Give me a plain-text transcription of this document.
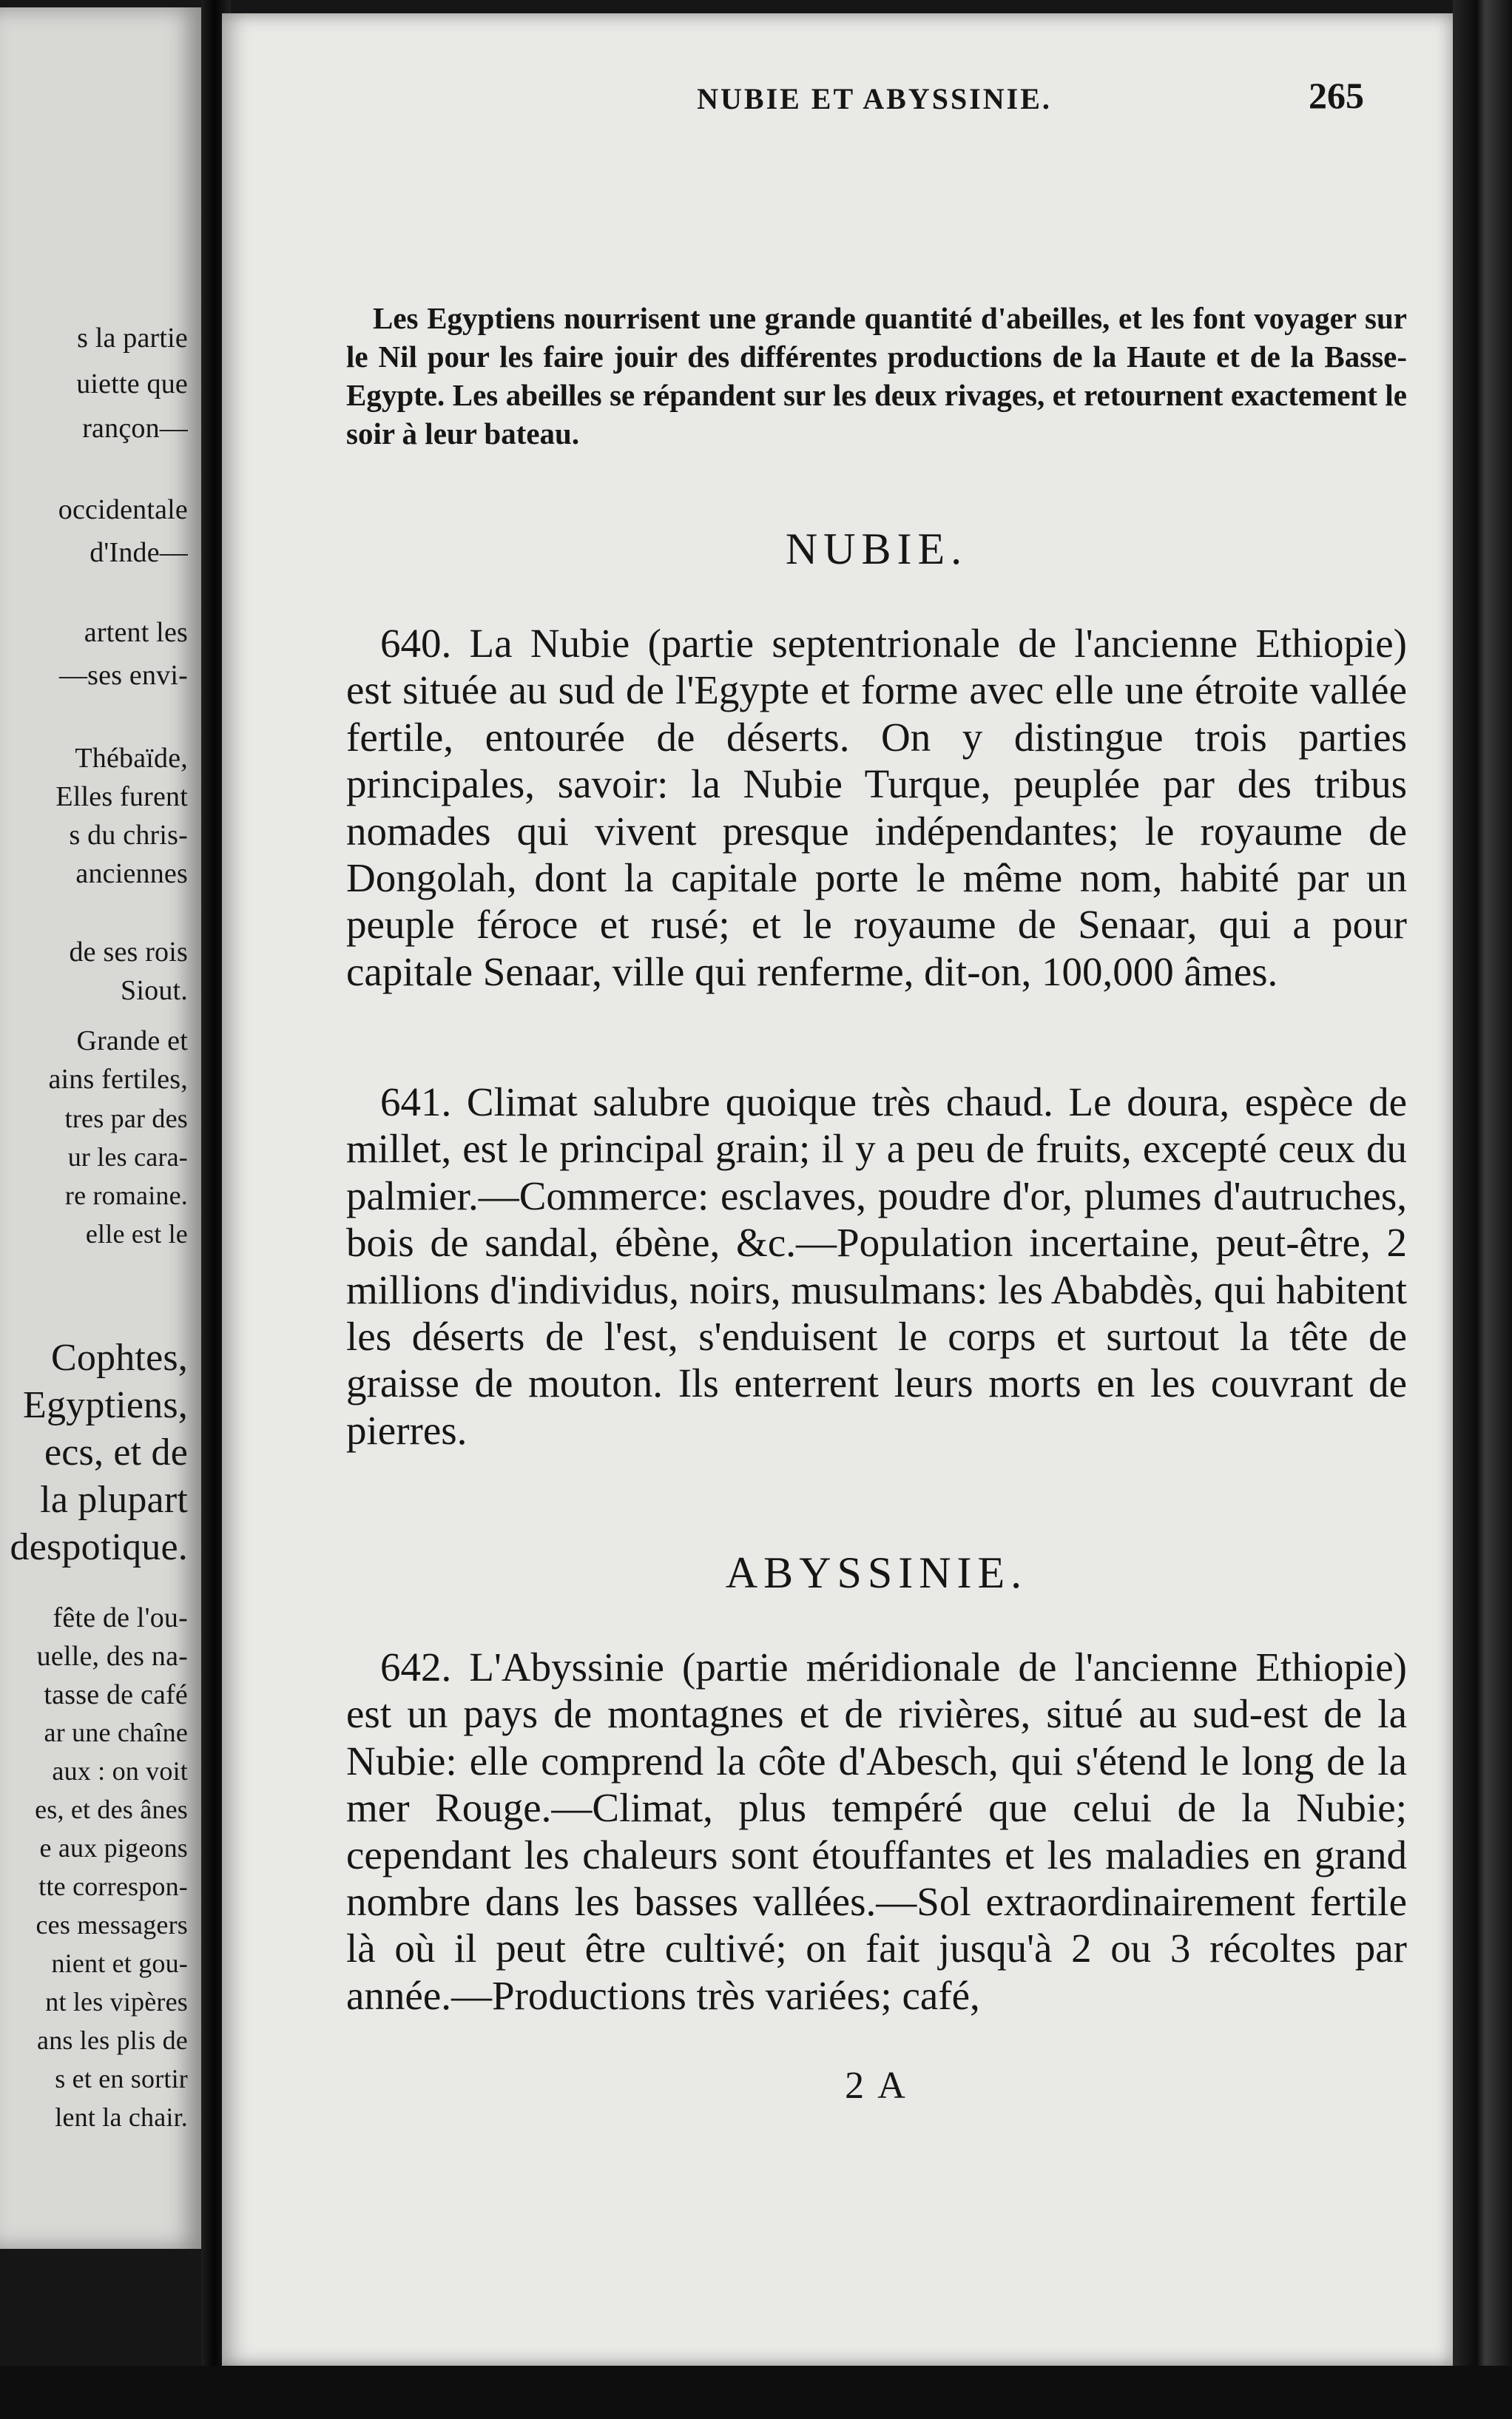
s la partie
uiette que
rançon—
occidentale
d'Inde—
artent les
—ses envi-
Thébaïde,
Elles furent
s du chris-
anciennes
de ses rois
Siout.
Grande et
ains fertiles,
tres par des
ur les cara-
re romaine.
elle est le
Cophtes,
Egyptiens,
ecs, et de
la plupart
despotique.
fête de l'ou-
uelle, des na-
tasse de café
ar une chaîne
aux : on voit
es, et des ânes
e aux pigeons
tte correspon-
ces messagers
nient et gou-
nt les vipères
ans les plis de
s et en sortir
lent la chair.
NUBIE ET ABYSSINIE.	265

Les Egyptiens nourrisent une grande quantité d'abeilles, et les font voyager sur le Nil pour les faire jouir des différentes productions de la Haute et de la Basse-Egypte. Les abeilles se répandent sur les deux rivages, et retournent exactement le soir à leur bateau.

NUBIE.

640. La Nubie (partie septentrionale de l'ancienne Ethiopie) est située au sud de l'Egypte et forme avec elle une étroite vallée fertile, entourée de déserts. On y distingue trois parties principales, savoir: la Nubie Turque, peuplée par des tribus nomades qui vivent presque indépendantes; le royaume de Dongolah, dont la capitale porte le même nom, habité par un peuple féroce et rusé; et le royaume de Senaar, qui a pour capitale Senaar, ville qui renferme, dit-on, 100,000 âmes.

641. Climat salubre quoique très chaud. Le doura, espèce de millet, est le principal grain; il y a peu de fruits, excepté ceux du palmier.—Commerce: esclaves, poudre d'or, plumes d'autruches, bois de sandal, ébène, &c.—Population incertaine, peut-être, 2 millions d'individus, noirs, musulmans: les Ababdès, qui habitent les déserts de l'est, s'enduisent le corps et surtout la tête de graisse de mouton. Ils enterrent leurs morts en les couvrant de pierres.

ABYSSINIE.

642. L'Abyssinie (partie méridionale de l'ancienne Ethiopie) est un pays de montagnes et de rivières, situé au sud-est de la Nubie: elle comprend la côte d'Abesch, qui s'étend le long de la mer Rouge.—Climat, plus tempéré que celui de la Nubie; cependant les chaleurs sont étouffantes et les maladies en grand nombre dans les basses vallées.—Sol extraordinairement fertile là où il peut être cultivé; on fait jusqu'à 2 ou 3 récoltes par année.—Productions très variées; café,

2 A
